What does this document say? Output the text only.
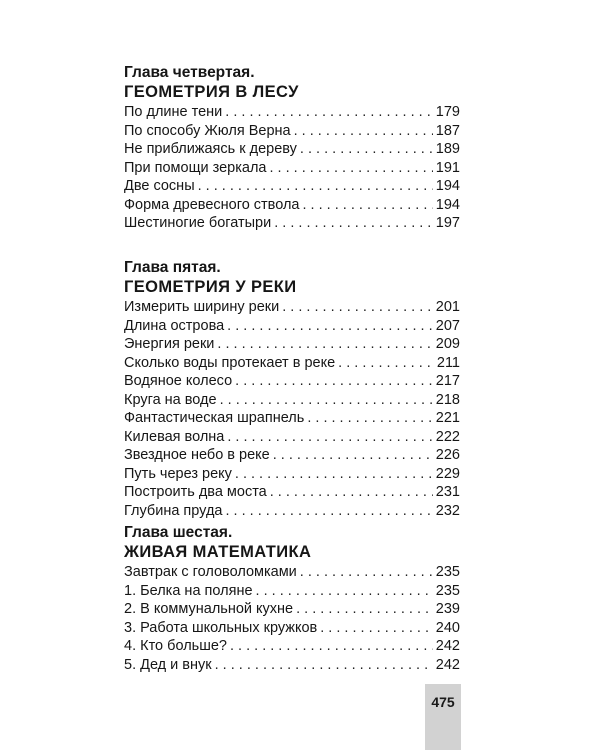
Глава четвертая.
ГЕОМЕТРИЯ В ЛЕСУ
По длине тени . . .	179
По способу Жюля Верна . . .	187
Не приближаясь к дереву . . .	189
При помощи зеркала . . .	191
Две сосны . . .	194
Форма древесного ствола . . .	194
Шестиногие богатыри . . .	197
Глава пятая.
ГЕОМЕТРИЯ У РЕКИ
Измерить ширину реки . . .	201
Длина острова . . .	207
Энергия реки . . .	209
Сколько воды протекает в реке . . .	211
Водяное колесо . . .	217
Круга на воде . . .	218
Фантастическая шрапнель . . .	221
Килевая волна . . .	222
Звездное небо в реке . . .	226
Путь через реку . . .	229
Построить два моста . . .	231
Глубина пруда . . .	232
Глава шестая.
ЖИВАЯ МАТЕМАТИКА
Завтрак с головоломками . . .	235
1. Белка на поляне . . .	235
2. В коммунальной кухне . . .	239
3. Работа школьных кружков . . .	240
4. Кто больше? . . .	242
5. Дед и внук . . .	242
475
